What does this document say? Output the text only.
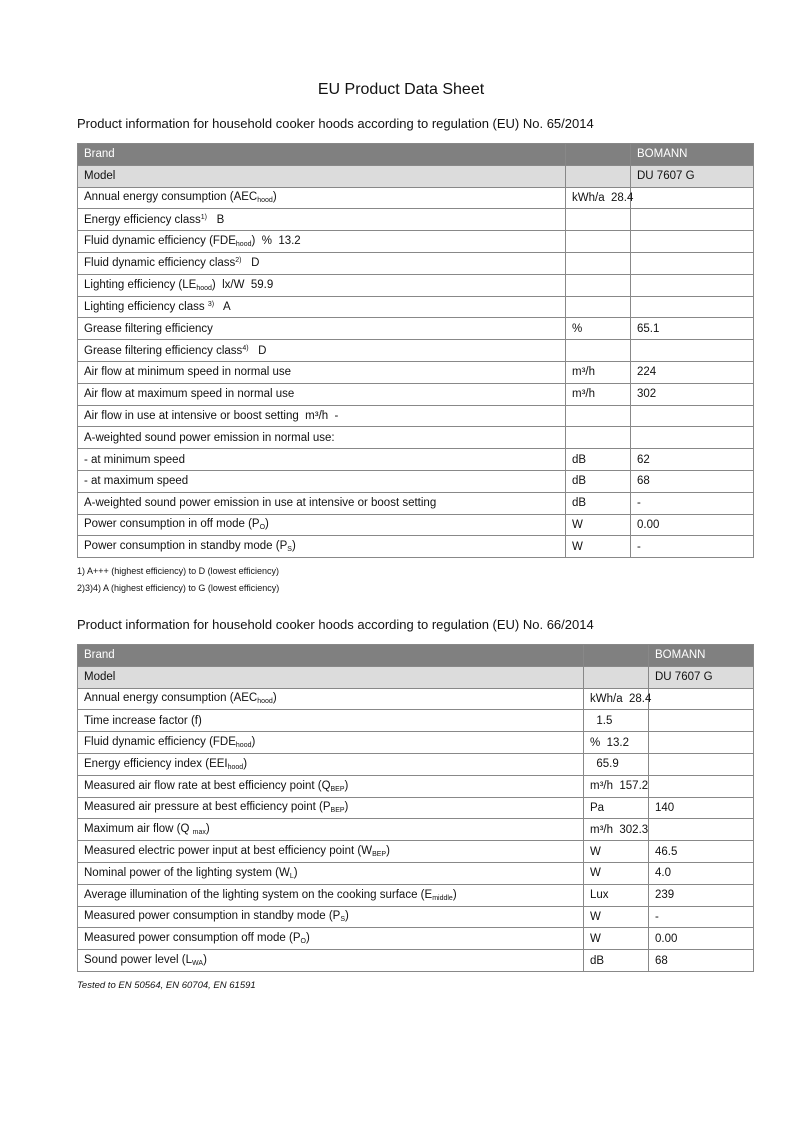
EU Product Data Sheet
Product information for household cooker hoods according to regulation (EU) No. 65/2014
Brand		BOMANN
Model		DU 7607 G
Annual energy consumption $(AEC_{hood})$	kWh/a  28.4	
Energy efficiency class$^{1)}$   B		
Fluid dynamic efficiency $(FDE_{hood})$  %  13.2		
Fluid dynamic efficiency class$^{2)}$   D		
Lighting efficiency $(LE_{hood})$  lx/W  59.9		
Lighting efficiency class $^{3)}$   A		
Grease filtering efficiency	%	65.1
Grease filtering efficiency class$^{4)}$   D		
Air flow at minimum speed in normal use	m³/h	224
Air flow at maximum speed in normal use	m³/h	302
Air flow in use at intensive or boost setting  m³/h  -		
A-weighted sound power emission in normal use:		
- at minimum speed	dB	62
- at maximum speed	dB	68
A-weighted sound power emission in use at intensive or boost setting	dB	-
Power consumption in off mode $(P_O)$	W	0.00
Power consumption in standby mode $(P_S)$	W	-
1) A+++ (highest efficiency) to D (lowest efficiency)
2)3)4) A (highest efficiency) to G (lowest efficiency)
Product information for household cooker hoods according to regulation (EU) No. 66/2014
Brand		BOMANN
Model		DU 7607 G
Annual energy consumption $(AEC_{hood})$	kWh/a  28.4	
Time increase factor (f)	1.5	
Fluid dynamic efficiency $(FDE_{hood})$	%  13.2	
Energy efficiency index $(EEI_{hood})$	65.9	
Measured air flow rate at best efficiency point $(Q_{BEP})$	m³/h  157.2	
Measured air pressure at best efficiency point $(P_{BEP})$	Pa	140
Maximum air flow (Q $_{max}$)	m³/h  302.3	
Measured electric power input at best efficiency point $(W_{BEP})$	W	46.5
Nominal power of the lighting system $(W_L)$	W	4.0
Average illumination of the lighting system on the cooking surface $(E_{middle})$	Lux	239
Measured power consumption in standby mode $(P_S)$	W	-
Measured power consumption off mode $(P_O)$	W	0.00
Sound power level $(L_{WA})$	dB	68
Tested to EN 50564, EN 60704, EN 61591
